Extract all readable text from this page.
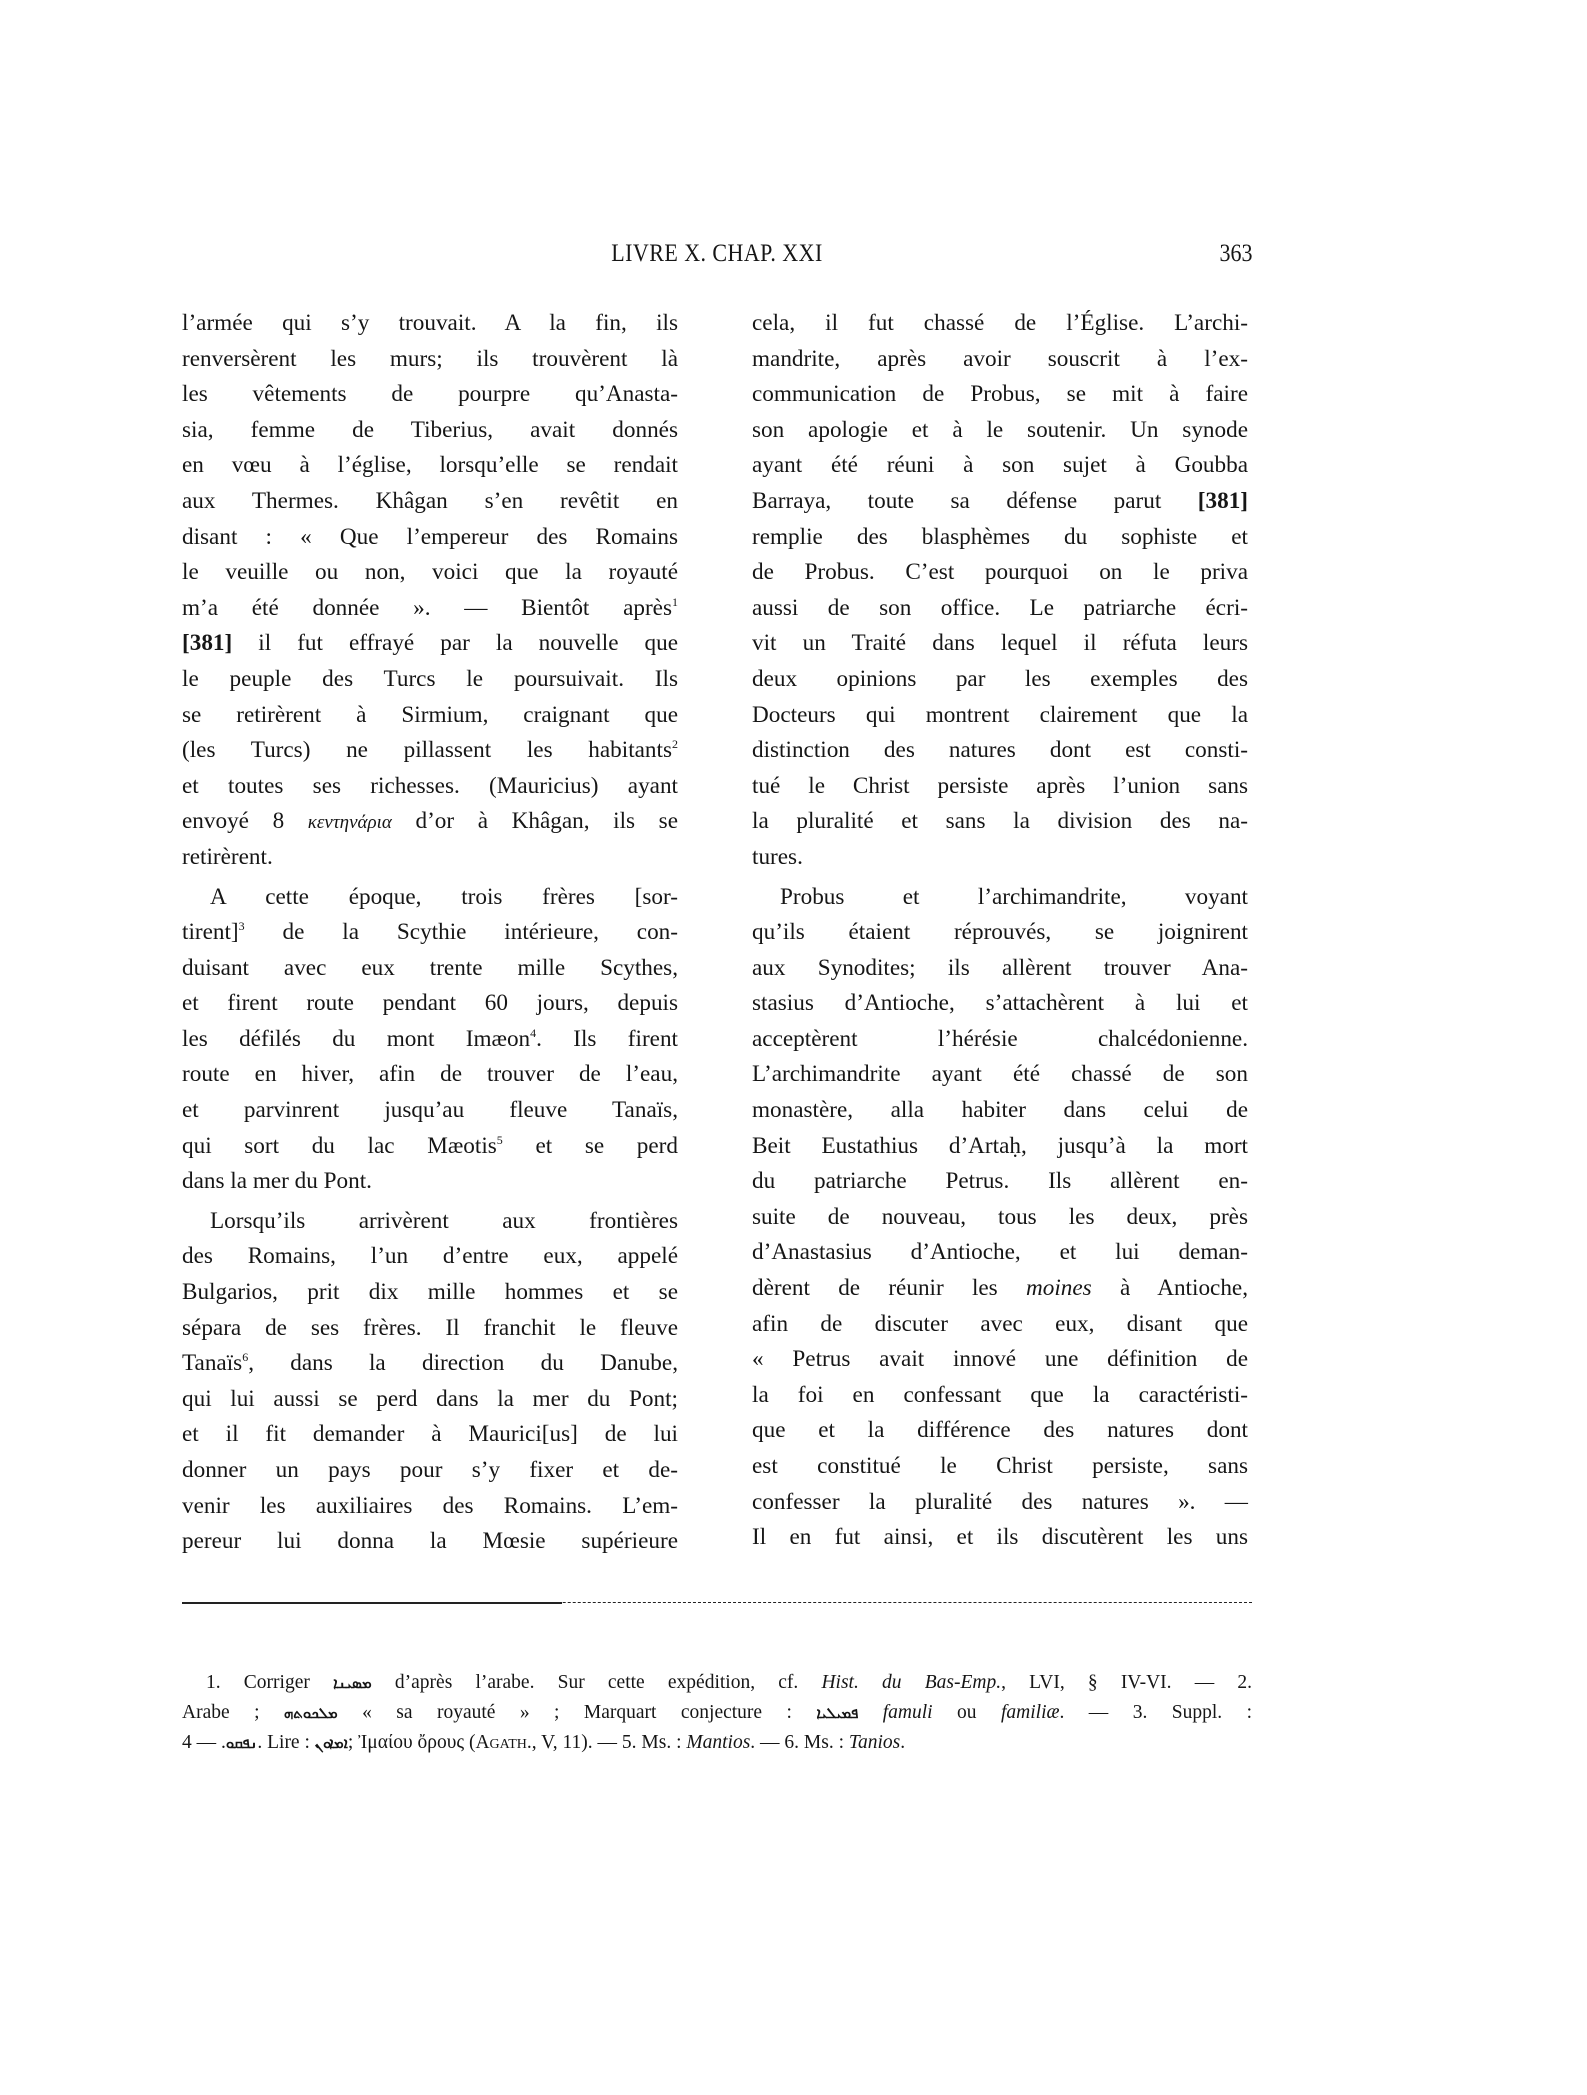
LIVRE X. CHAP. XXI	363
l’armée qui s’y trouvait. A la fin, ils
renversèrent les murs; ils trouvèrent là
les vêtements de pourpre qu’Anasta-
sia, femme de Tiberius, avait donnés
en vœu à l’église, lorsqu’elle se rendait
aux Thermes. Khâgan s’en revêtit en
disant : « Que l’empereur des Romains
le veuille ou non, voici que la royauté
m’a été donnée ». — Bientôt après$^1$
[381] il fut effrayé par la nouvelle que
le peuple des Turcs le poursuivait. Ils
se retirèrent à Sirmium, craignant que
(les Turcs) ne pillassent les habitants$^2$
et toutes ses richesses. (Mauricius) ayant
envoyé 8 κεντηνάρια d’or à Khâgan, ils se
retirèrent.
A cette époque, trois frères [sor-
tirent]$^3$ de la Scythie intérieure, con-
duisant avec eux trente mille Scythes,
et firent route pendant 60 jours, depuis
les défilés du mont Imæon$^4$. Ils firent
route en hiver, afin de trouver de l’eau,
et parvinrent jusqu’au fleuve Tanaïs,
qui sort du lac Mæotis$^5$ et se perd
dans la mer du Pont.
Lorsqu’ils arrivèrent aux frontières
des Romains, l’un d’entre eux, appelé
Bulgarios, prit dix mille hommes et se
sépara de ses frères. Il franchit le fleuve
Tanaïs$^6$, dans la direction du Danube,
qui lui aussi se perd dans la mer du Pont;
et il fit demander à Maurici[us] de lui
donner un pays pour s’y fixer et de-
venir les auxiliaires des Romains. L’em-
pereur lui donna la Mœsie supérieure
cela, il fut chassé de l’Église. L’archi-
mandrite, après avoir souscrit à l’ex-
communication de Probus, se mit à faire
son apologie et à le soutenir. Un synode
ayant été réuni à son sujet à Goubba
Barraya, toute sa défense parut [381]
remplie des blasphèmes du sophiste et
de Probus. C’est pourquoi on le priva
aussi de son office. Le patriarche écri-
vit un Traité dans lequel il réfuta leurs
deux opinions par les exemples des
Docteurs qui montrent clairement que la
distinction des natures dont est consti-
tué le Christ persiste après l’union sans
la pluralité et sans la division des na-
tures.
Probus et l’archimandrite, voyant
qu’ils étaient réprouvés, se joignirent
aux Synodites; ils allèrent trouver Ana-
stasius d’Antioche, s’attachèrent à lui et
acceptèrent l’hérésie chalcédonienne.
L’archimandrite ayant été chassé de son
monastère, alla habiter dans celui de
Beit Eustathius d’Artaḥ, jusqu’à la mort
du patriarche Petrus. Ils allèrent en-
suite de nouveau, tous les deux, près
d’Anastasius d’Antioche, et lui deman-
dèrent de réunir les moines à Antioche,
afin de discuter avec eux, disant que
« Petrus avait innové une définition de
la foi en confessant que la caractéristi-
que et la différence des natures dont
est constitué le Christ persiste, sans
confesser la pluralité des natures ». —
Il en fut ainsi, et ils discutèrent les uns
1. Corriger ܡܣܝܢܐ d’après l’arabe. Sur cette expédition, cf. Hist. du Bas-Emp., LVI, § IV-VI. — 2.
Arabe ; ܡܠܟܘܬܗ « sa royauté » ; Marquart conjecture : ܦܡܝܠܝܐ famuli ou familiæ. — 3. Suppl. :
ܢܦܩܘ. — 4. Lire : ܐܡܐܘܢ; Ἰμαίου ὄρους (Agath., V, 11). — 5. Ms. : Mantios. — 6. Ms. : Tanios.
